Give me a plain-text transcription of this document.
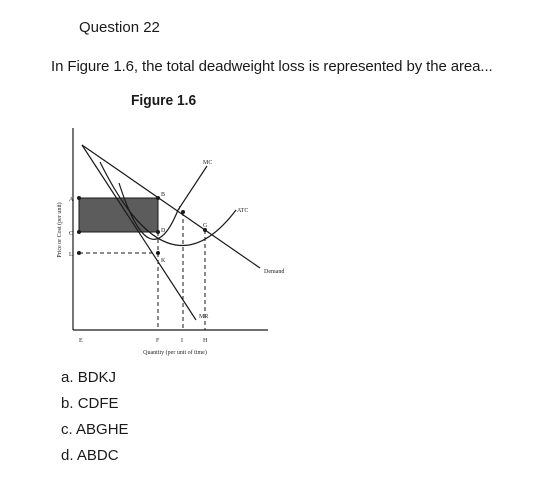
Question 22
In Figure 1.6, the total deadweight loss is represented by the area...
Figure 1.6
A
C
L
B
D
K
J
G
E	F	I	H
MC
ATC
Demand
MR
Quantity (per unit of time)
Price or Cost (per unit)
a. BDKJ
b. CDFE
c. ABGHE
d. ABDC
